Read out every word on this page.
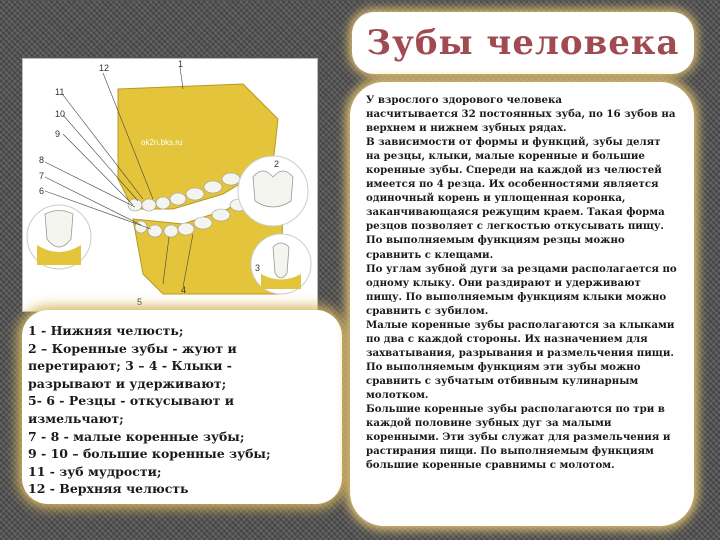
Зубы человека
12	1
11
10
9
8
7
6
2
3
4
5
ok2n.bks.ru
1 - Нижняя челюсть;
2 – Коренные зубы - жуют и
перетирают; 3 – 4 - Клыки -
разрывают и удерживают;
5- 6 - Резцы - откусывают и
измельчают;
7 - 8 - малые коренные зубы;
9 - 10 – большие коренные зубы;
11 - зуб мудрости;
12 - Верхняя челюсть
У взрослого здорового человека
насчитывается 32 постоянных зуба, по 16 зубов на
верхнем и нижнем зубных рядах.
В зависимости от формы и функций, зубы делят
на резцы, клыки, малые коренные и большие
коренные зубы. Спереди на каждой из челюстей
имеется по 4 резца. Их особенностями является
одиночный корень и уплощенная коронка,
заканчивающаяся режущим краем. Такая форма
резцов позволяет с легкостью откусывать пищу.
По выполняемым функциям резцы можно
сравнить с клещами.
По углам зубной дуги за резцами располагается по
одному клыку. Они раздирают и удерживают
пищу. По выполняемым функциям клыки можно
сравнить с зубилом.
Малые коренные зубы располагаются за клыками
по два с каждой стороны. Их назначением для
захватывания, разрывания и размельчения пищи.
По выполняемым функциям эти зубы можно
сравнить с зубчатым отбивным кулинарным
молотком.
Большие коренные зубы располагаются по три в
каждой половине зубных дуг за малыми
коренными. Эти зубы служат для размельчения и
растирания пищи. По выполняемым функциям
большие коренные сравнимы с молотом.
